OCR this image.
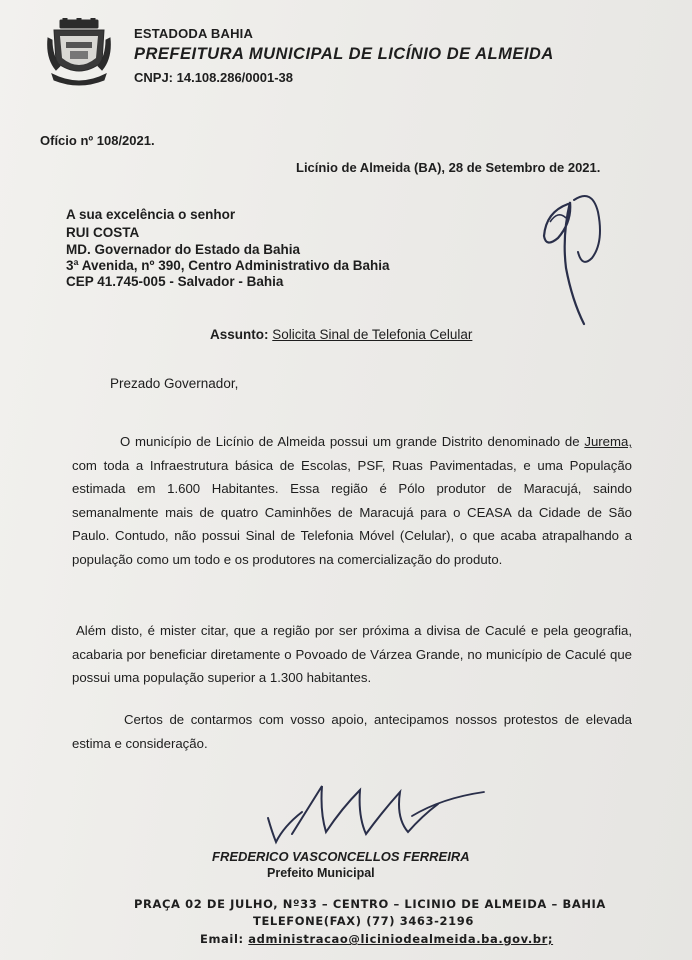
ESTADODA BAHIA
PREFEITURA MUNICIPAL DE LICÍNIO DE ALMEIDA
CNPJ: 14.108.286/0001-38
Ofício nº 108/2021.
Licínio de Almeida (BA), 28 de Setembro de 2021.
A sua excelência o senhor
RUI COSTA
MD. Governador do Estado da Bahia
3ª Avenida, nº 390, Centro Administrativo da Bahia
CEP 41.745-005 - Salvador - Bahia
Assunto: Solicita Sinal de Telefonia Celular
Prezado Governador,

O município de Licínio de Almeida possui um grande Distrito denominado de Jurema, com toda a Infraestrutura básica de Escolas, PSF, Ruas Pavimentadas, e uma População estimada em 1.600 Habitantes. Essa região é Pólo produtor de Maracujá, saindo semanalmente mais de quatro Caminhões de Maracujá para o CEASA da Cidade de São Paulo. Contudo, não possui Sinal de Telefonia Móvel (Celular), o que acaba atrapalhando a população como um todo e os produtores na comercialização do produto.

Além disto, é mister citar, que a região por ser próxima a divisa de Caculé e pela geografia, acabaria por beneficiar diretamente o Povoado de Várzea Grande, no município de Caculé que possui uma população superior a 1.300 habitantes.

Certos de contarmos com vosso apoio, antecipamos nossos protestos de elevada estima e consideração.

FREDERICO VASCONCELLOS FERREIRA
Prefeito Municipal
PRAÇA 02 DE JULHO, Nº33 – CENTRO – LICINIO DE ALMEIDA – BAHIA
TELEFONE(FAX) (77) 3463-2196
Email: administracao@liciniodealmeida.ba.gov.br;
